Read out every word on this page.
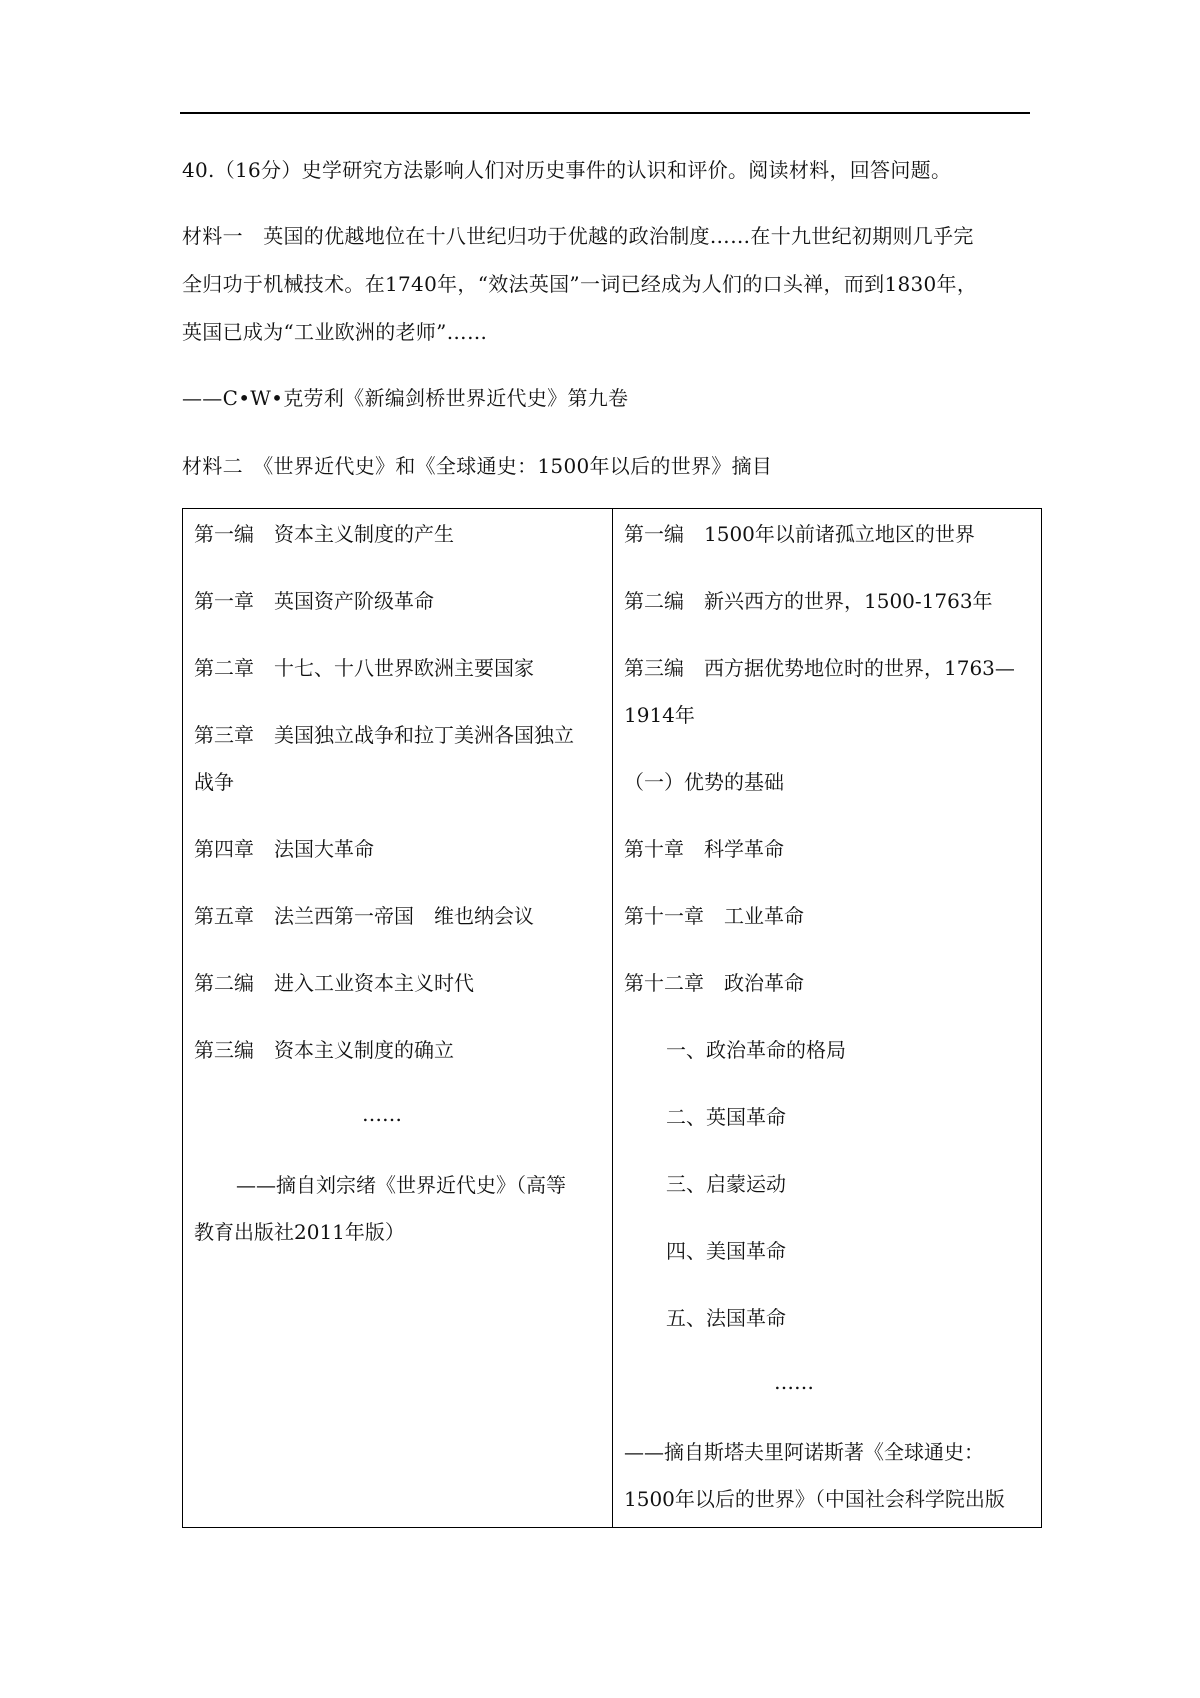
40.（16分）史学研究方法影响人们对历史事件的认识和评价。阅读材料，回答问题。
材料一　英国的优越地位在十八世纪归功于优越的政治制度……在十九世纪初期则几乎完
全归功于机械技术。在1740年，“效法英国”一词已经成为人们的口头禅，而到1830年，
英国已成为“工业欧洲的老师”……
——C•W•克劳利《新编剑桥世界近代史》第九卷
材料二　《世界近代史》和《全球通史：1500年以后的世界》摘目
第一编　资本主义制度的产生
第一章　英国资产阶级革命
第二章　十七、十八世界欧洲主要国家
第三章　美国独立战争和拉丁美洲各国独立
战争
第四章　法国大革命
第五章　法兰西第一帝国　维也纳会议
第二编　进入工业资本主义时代
第三编　资本主义制度的确立
……
——摘自刘宗绪《世界近代史》（高等
教育出版社2011年版）
第一编　1500年以前诸孤立地区的世界
第二编　新兴西方的世界，1500-1763年
第三编　西方据优势地位时的世界，1763—
1914年
（一）优势的基础
第十章　科学革命
第十一章　工业革命
第十二章　政治革命
一、政治革命的格局
二、英国革命
三、启蒙运动
四、美国革命
五、法国革命
……
——摘自斯塔夫里阿诺斯著《全球通史：
1500年以后的世界》（中国社会科学院出版
